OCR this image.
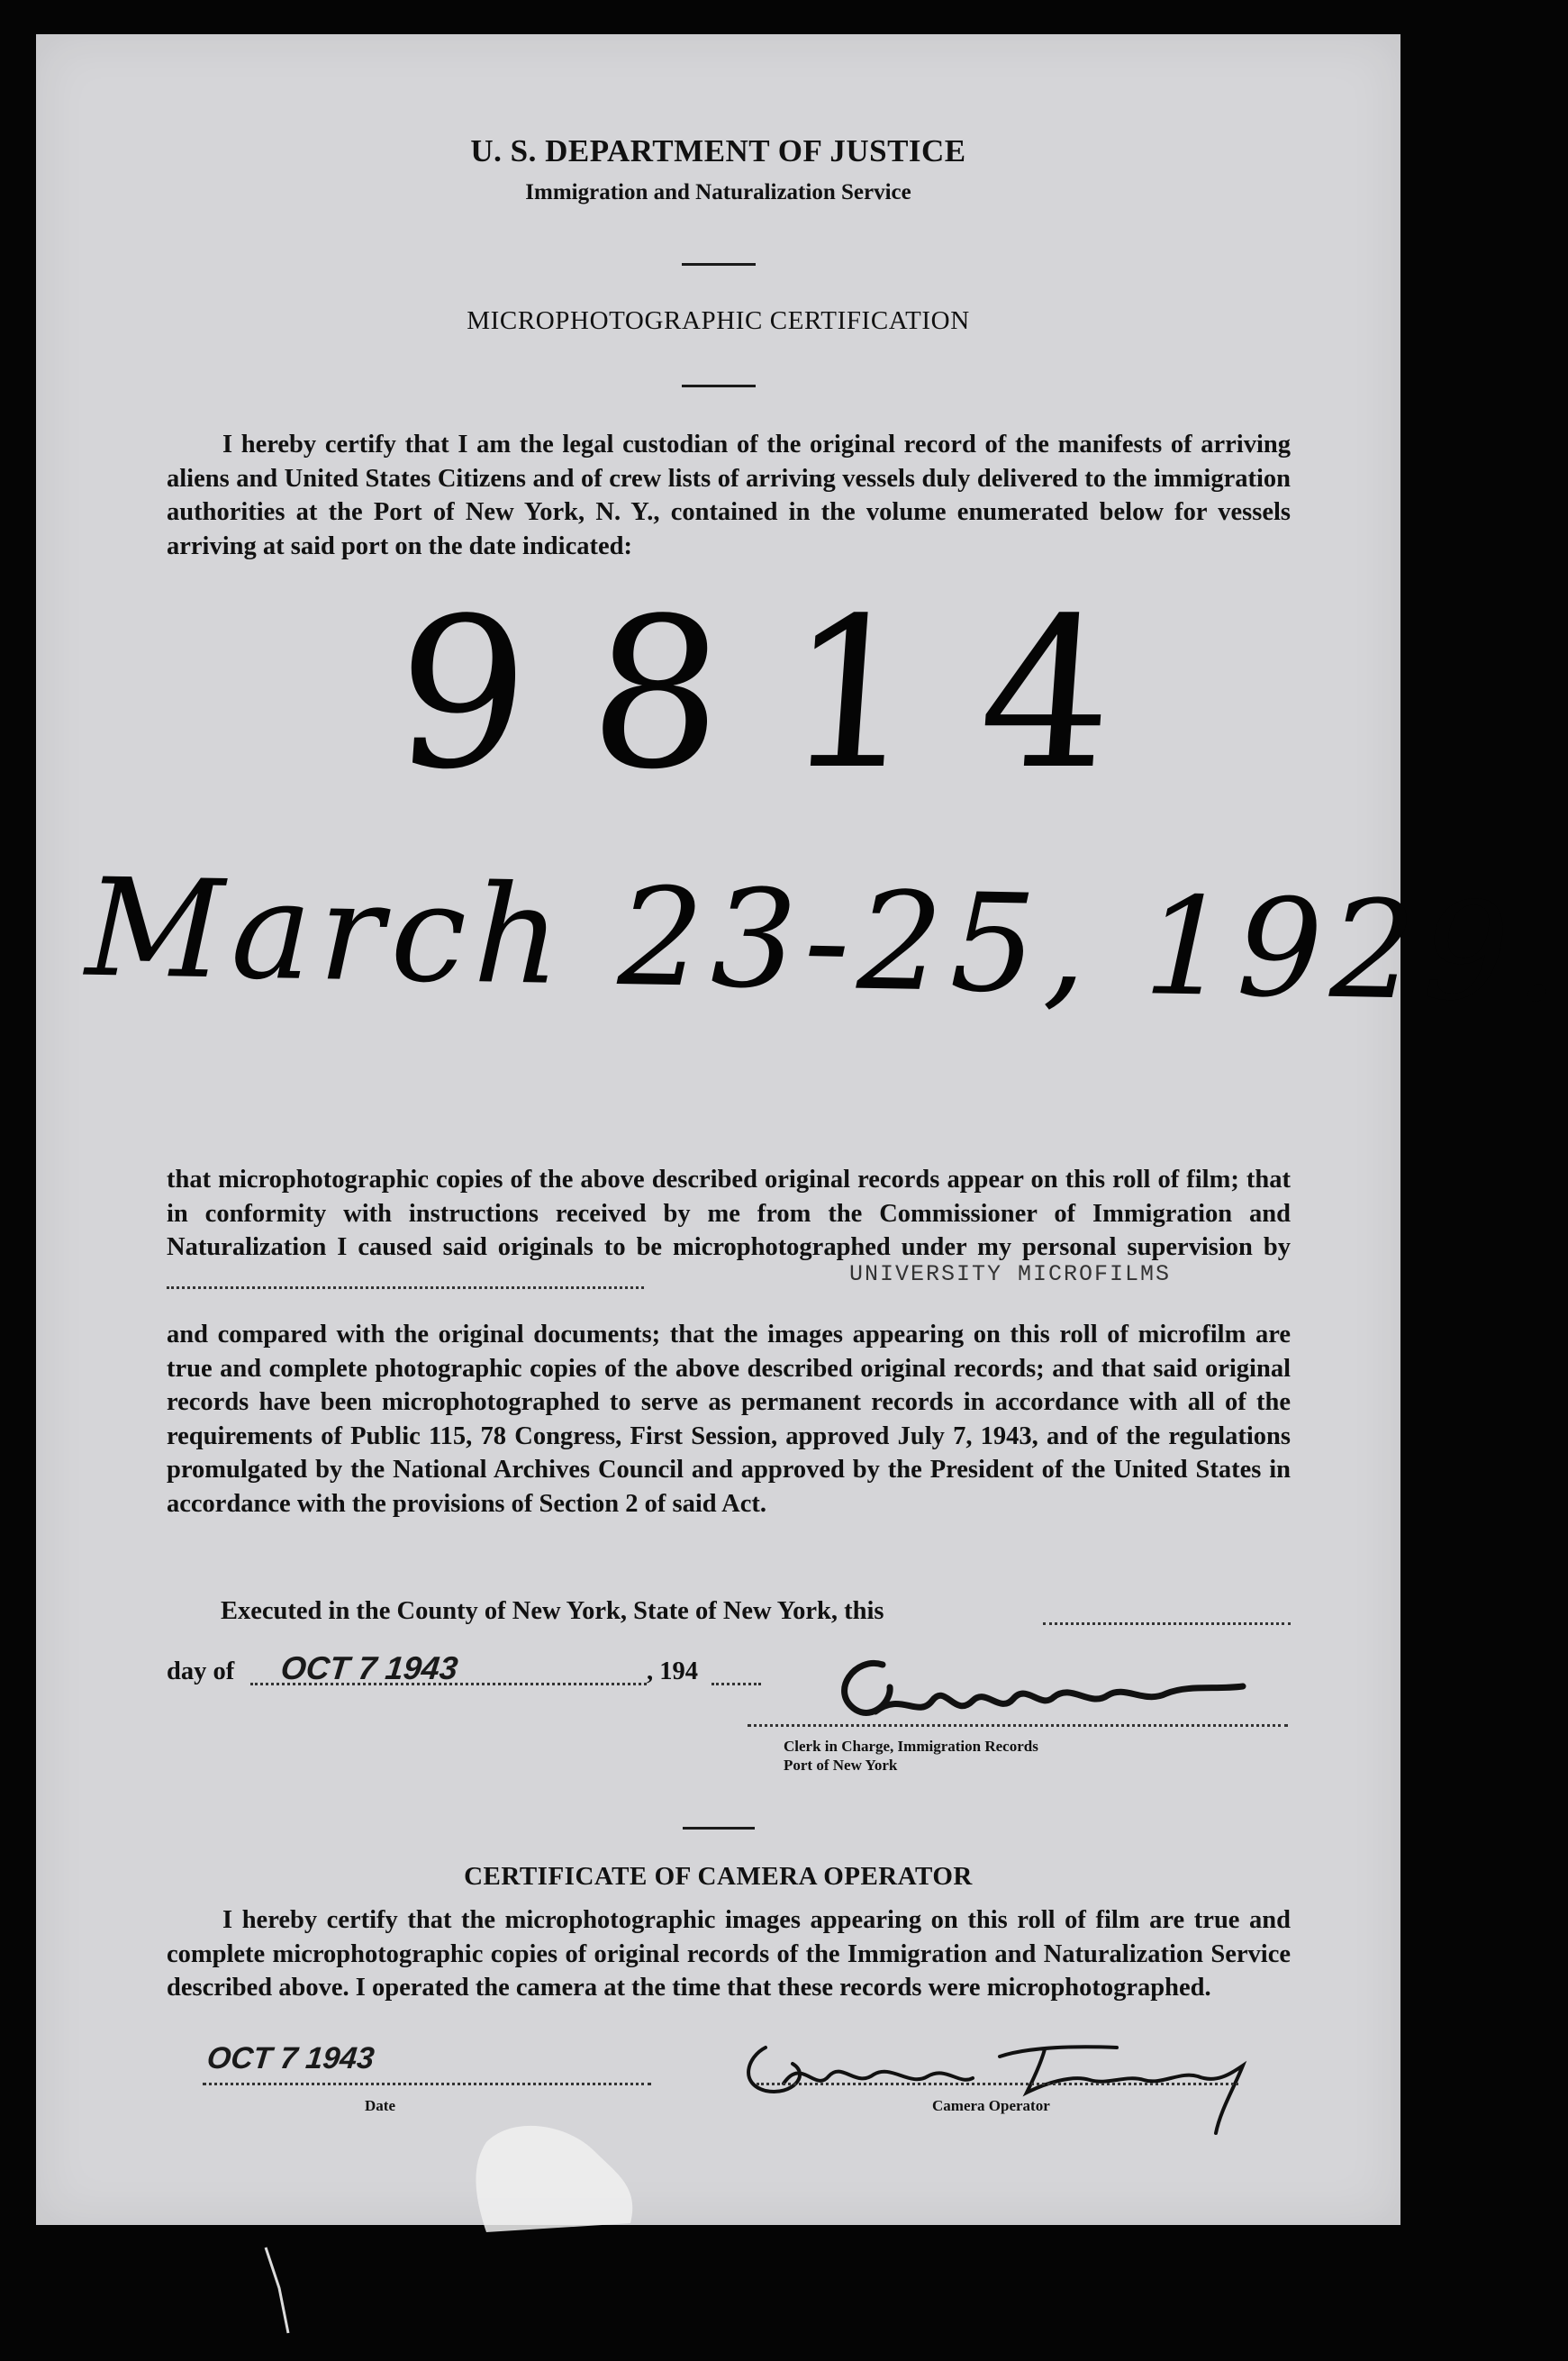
U. S. DEPARTMENT OF JUSTICE
Immigration and Naturalization Service
MICROPHOTOGRAPHIC CERTIFICATION

I hereby certify that I am the legal custodian of the original record of the manifests of arriving aliens and United States Citizens and of crew lists of arriving vessels duly delivered to the immigration authorities at the Port of New York, N. Y., contained in the volume enumerated below for vessels arriving at said port on the date indicated:

9814
March 23-25, 1929.

that microphotographic copies of the above described original records appear on this roll of film; that in conformity with instructions received by me from the Commissioner of Immigration and Naturalization I caused said originals to be microphotographed under my personal supervision by

UNIVERSITY MICROFILMS

and compared with the original documents; that the images appearing on this roll of microfilm are true and complete photographic copies of the above described original records; and that said original records have been microphotographed to serve as permanent records in accordance with all of the requirements of Public 115, 78 Congress, First Session, approved July 7, 1943, and of the regulations promulgated by the National Archives Council and approved by the President of the United States in accordance with the provisions of Section 2 of said Act.

Executed in the County of New York, State of New York, this
day of OCT 7 1943	, 194
Clerk in Charge, Immigration Records
Port of New York
CERTIFICATE OF CAMERA OPERATOR

I hereby certify that the microphotographic images appearing on this roll of film are true and complete microphotographic copies of original records of the Immigration and Naturalization Service described above. I operated the camera at the time that these records were microphotographed.

OCT 7 1943
Date	Camera Operator
